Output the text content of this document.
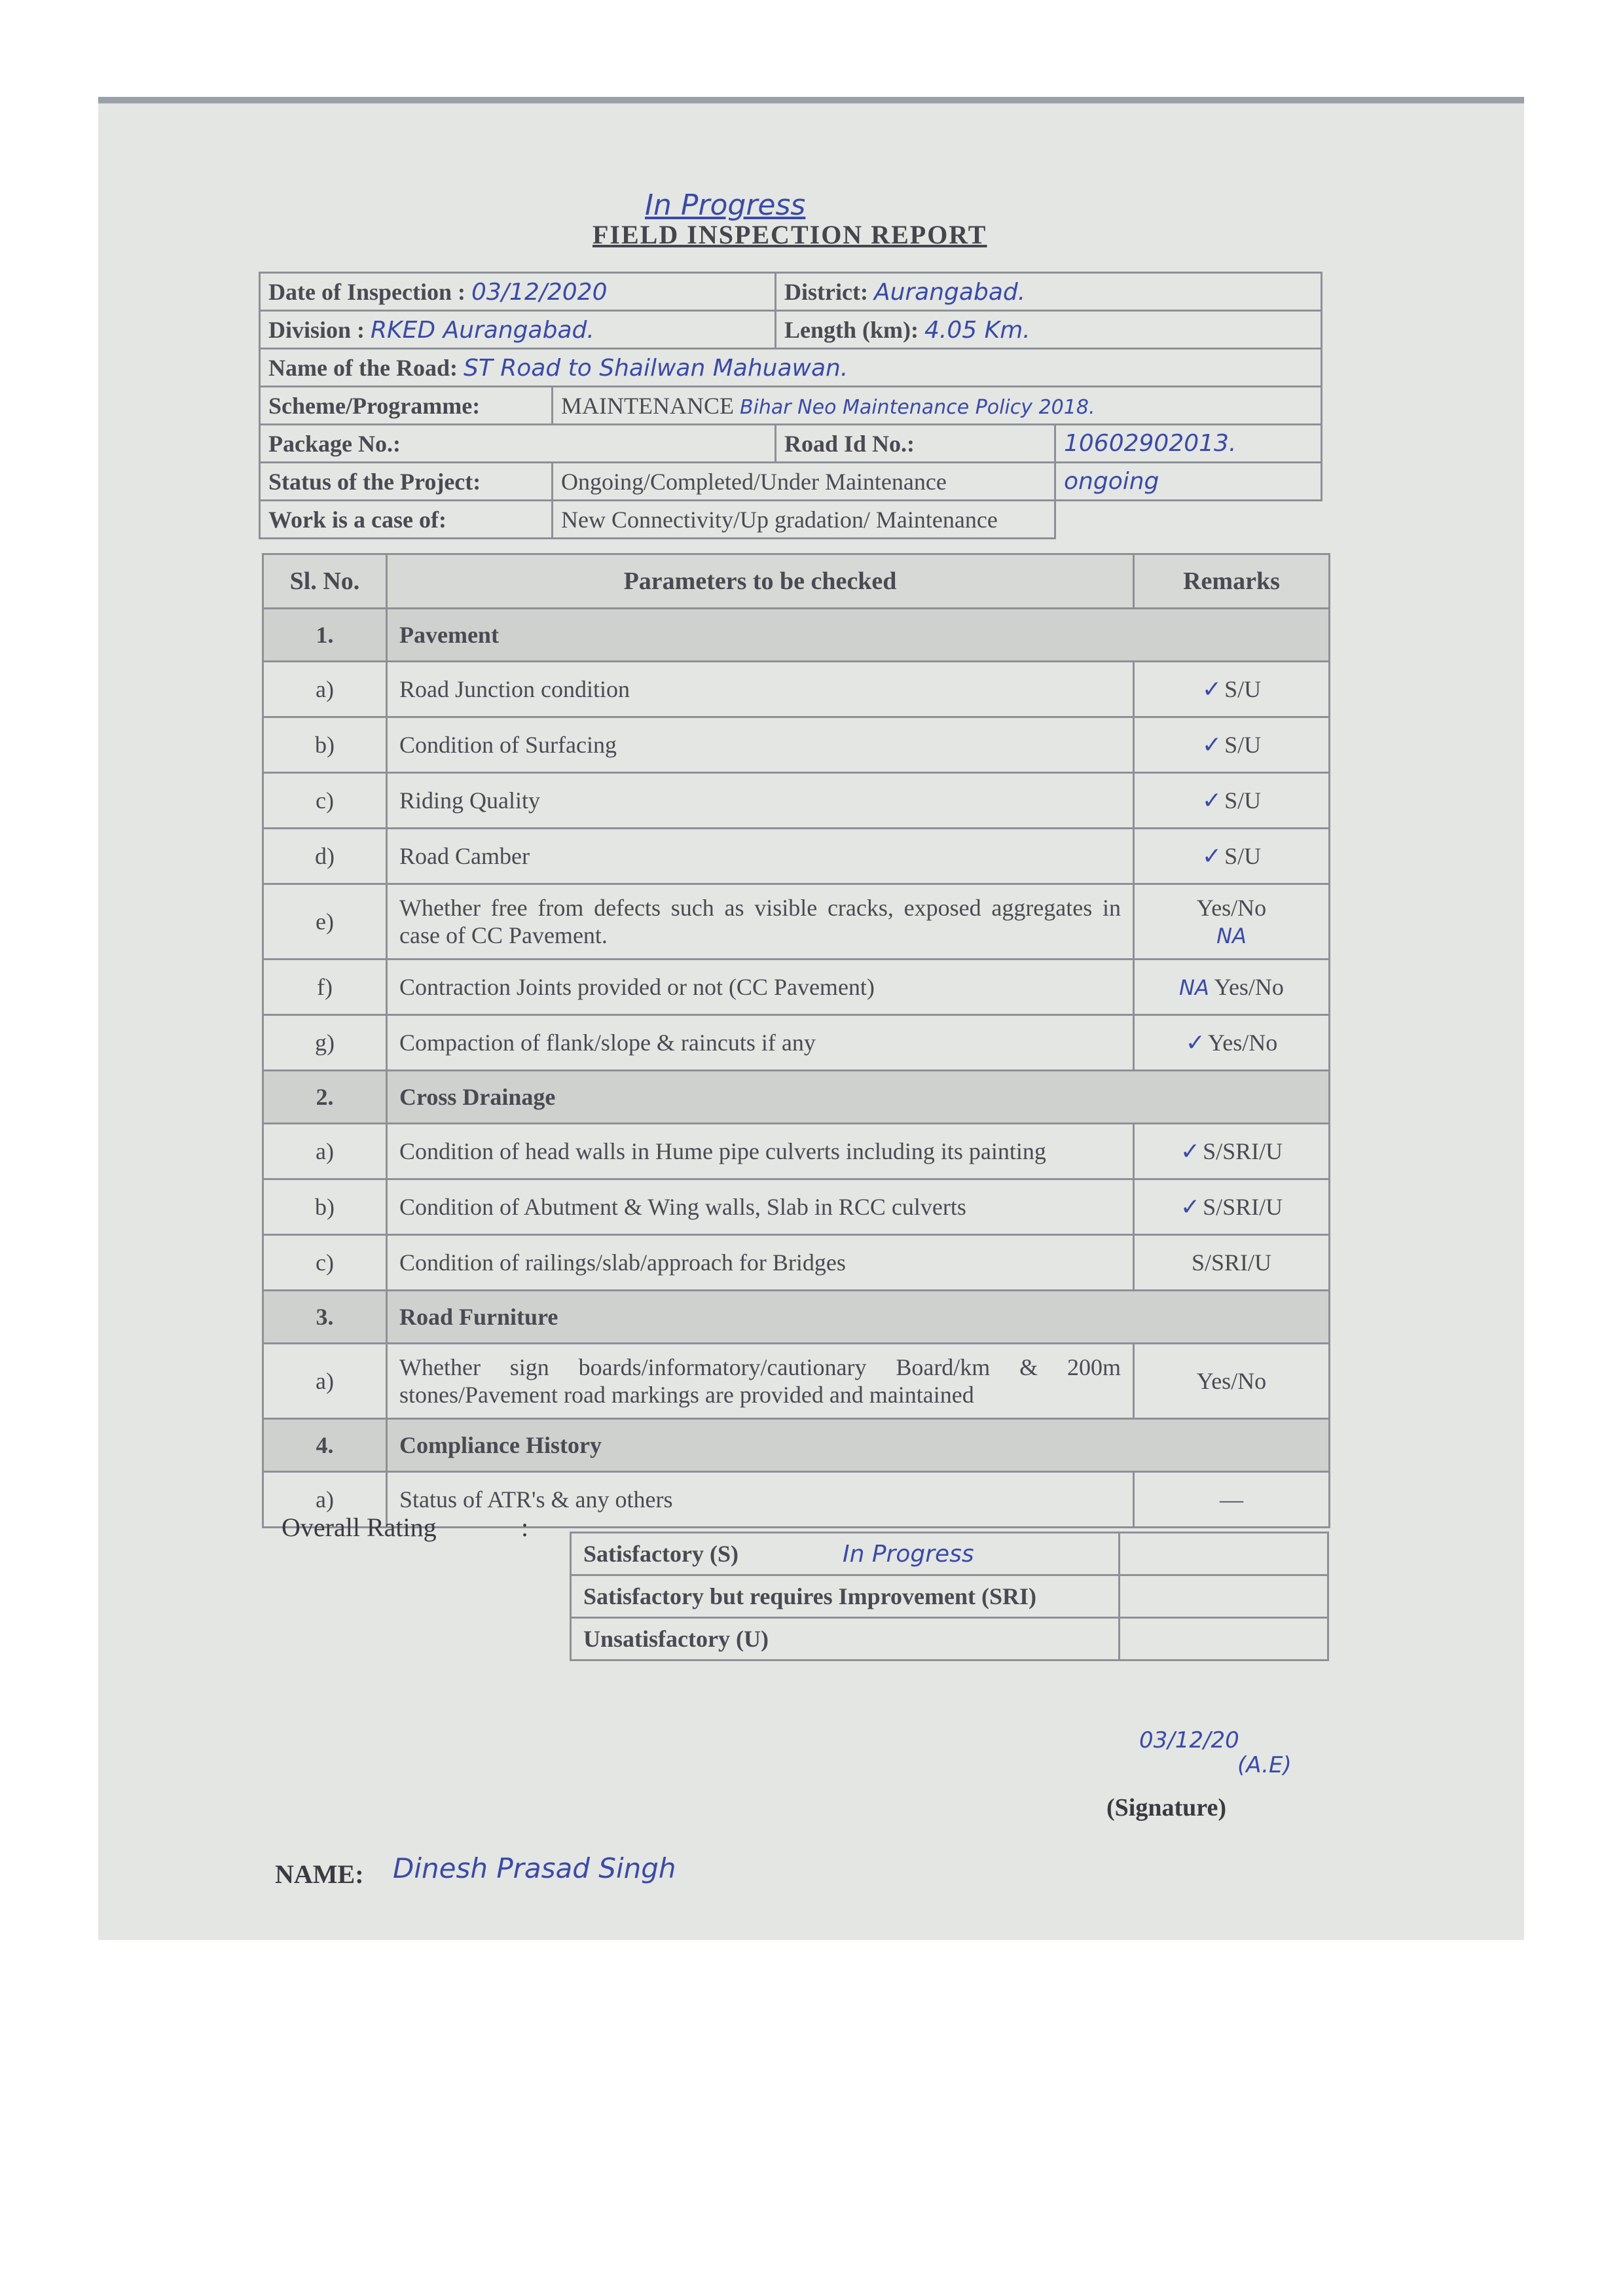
In Progress
FIELD INSPECTION REPORT
Date of Inspection : 03/12/2020		District: Aurangabad.	
Division : RKED Aurangabad.		Length (km): 4.05 Km.	
Name of the Road: ST Road to Shailwan Mahuawan.			
Scheme/Programme:	MAINTENANCE Bihar Neo Maintenance Policy 2018.		
Package No.:		Road Id No.:	10602902013.
Status of the Project:	Ongoing/Completed/Under Maintenance		ongoing
Work is a case of:	New Connectivity/Up gradation/ Maintenance		
Sl. No.	Parameters to be checked	Remarks
1.	Pavement	
a)	Road Junction condition	✓ S/U
b)	Condition of Surfacing	✓ S/U
c)	Riding Quality	✓ S/U
d)	Road Camber	✓ S/U
e)	Whether free from defects such as visible cracks, exposed aggregates in case of CC Pavement.	Yes/No
NA
f)	Contraction Joints provided or not (CC Pavement)	NA Yes/No
g)	Compaction of flank/slope & raincuts if any	✓ Yes/No
2.	Cross Drainage	
a)	Condition of head walls in Hume pipe culverts including its painting	✓ S/SRI/U
b)	Condition of Abutment & Wing walls, Slab in RCC culverts	✓ S/SRI/U
c)	Condition of railings/slab/approach for Bridges	S/SRI/U
3.	Road Furniture	
a)	Whether sign boards/informatory/cautionary Board/km & 200m stones/Pavement road markings are provided and maintained	Yes/No
4.	Compliance History	
a)	Status of ATR's & any others	—
Overall Rating	:
Satisfactory (S) In Progress	
Satisfactory but requires Improvement (SRI)	
Unsatisfactory (U)	
03/12/20
(A.E)
(Signature)
NAME: Dinesh Prasad Singh
